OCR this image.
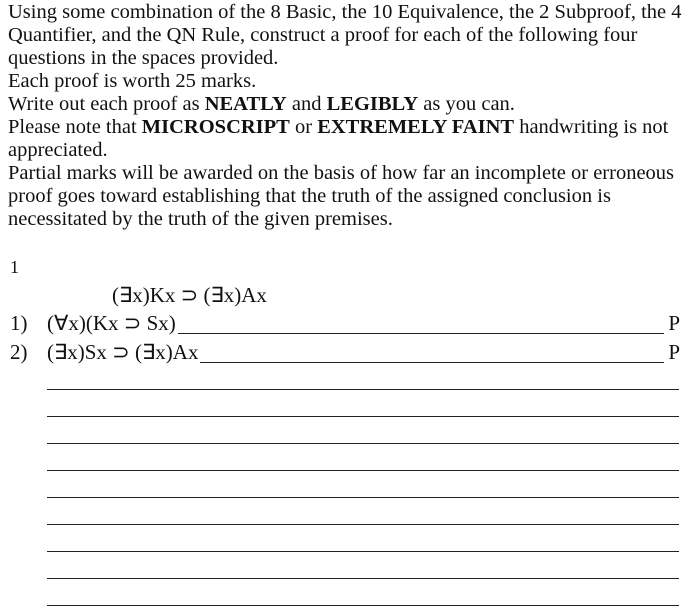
Using some combination of the 8 Basic, the 10 Equivalence, the 2 Subproof, the 4 Quantifier, and the QN Rule, construct a proof for each of the following four questions in the spaces provided.

Each proof is worth 25 marks.

Write out each proof as NEATLY and LEGIBLY as you can.

Please note that MICROSCRIPT or EXTREMELY FAINT handwriting is not appreciated.

Partial marks will be awarded on the basis of how far an incomplete or erroneous proof goes toward establishing that the truth of the assigned conclusion is necessitated by the truth of the given premises.

1
(∃x)Kx ⊃ (∃x)Ax
1) (∀x)(Kx ⊃ Sx)	P
2) (∃x)Sx ⊃ (∃x)Ax	P
